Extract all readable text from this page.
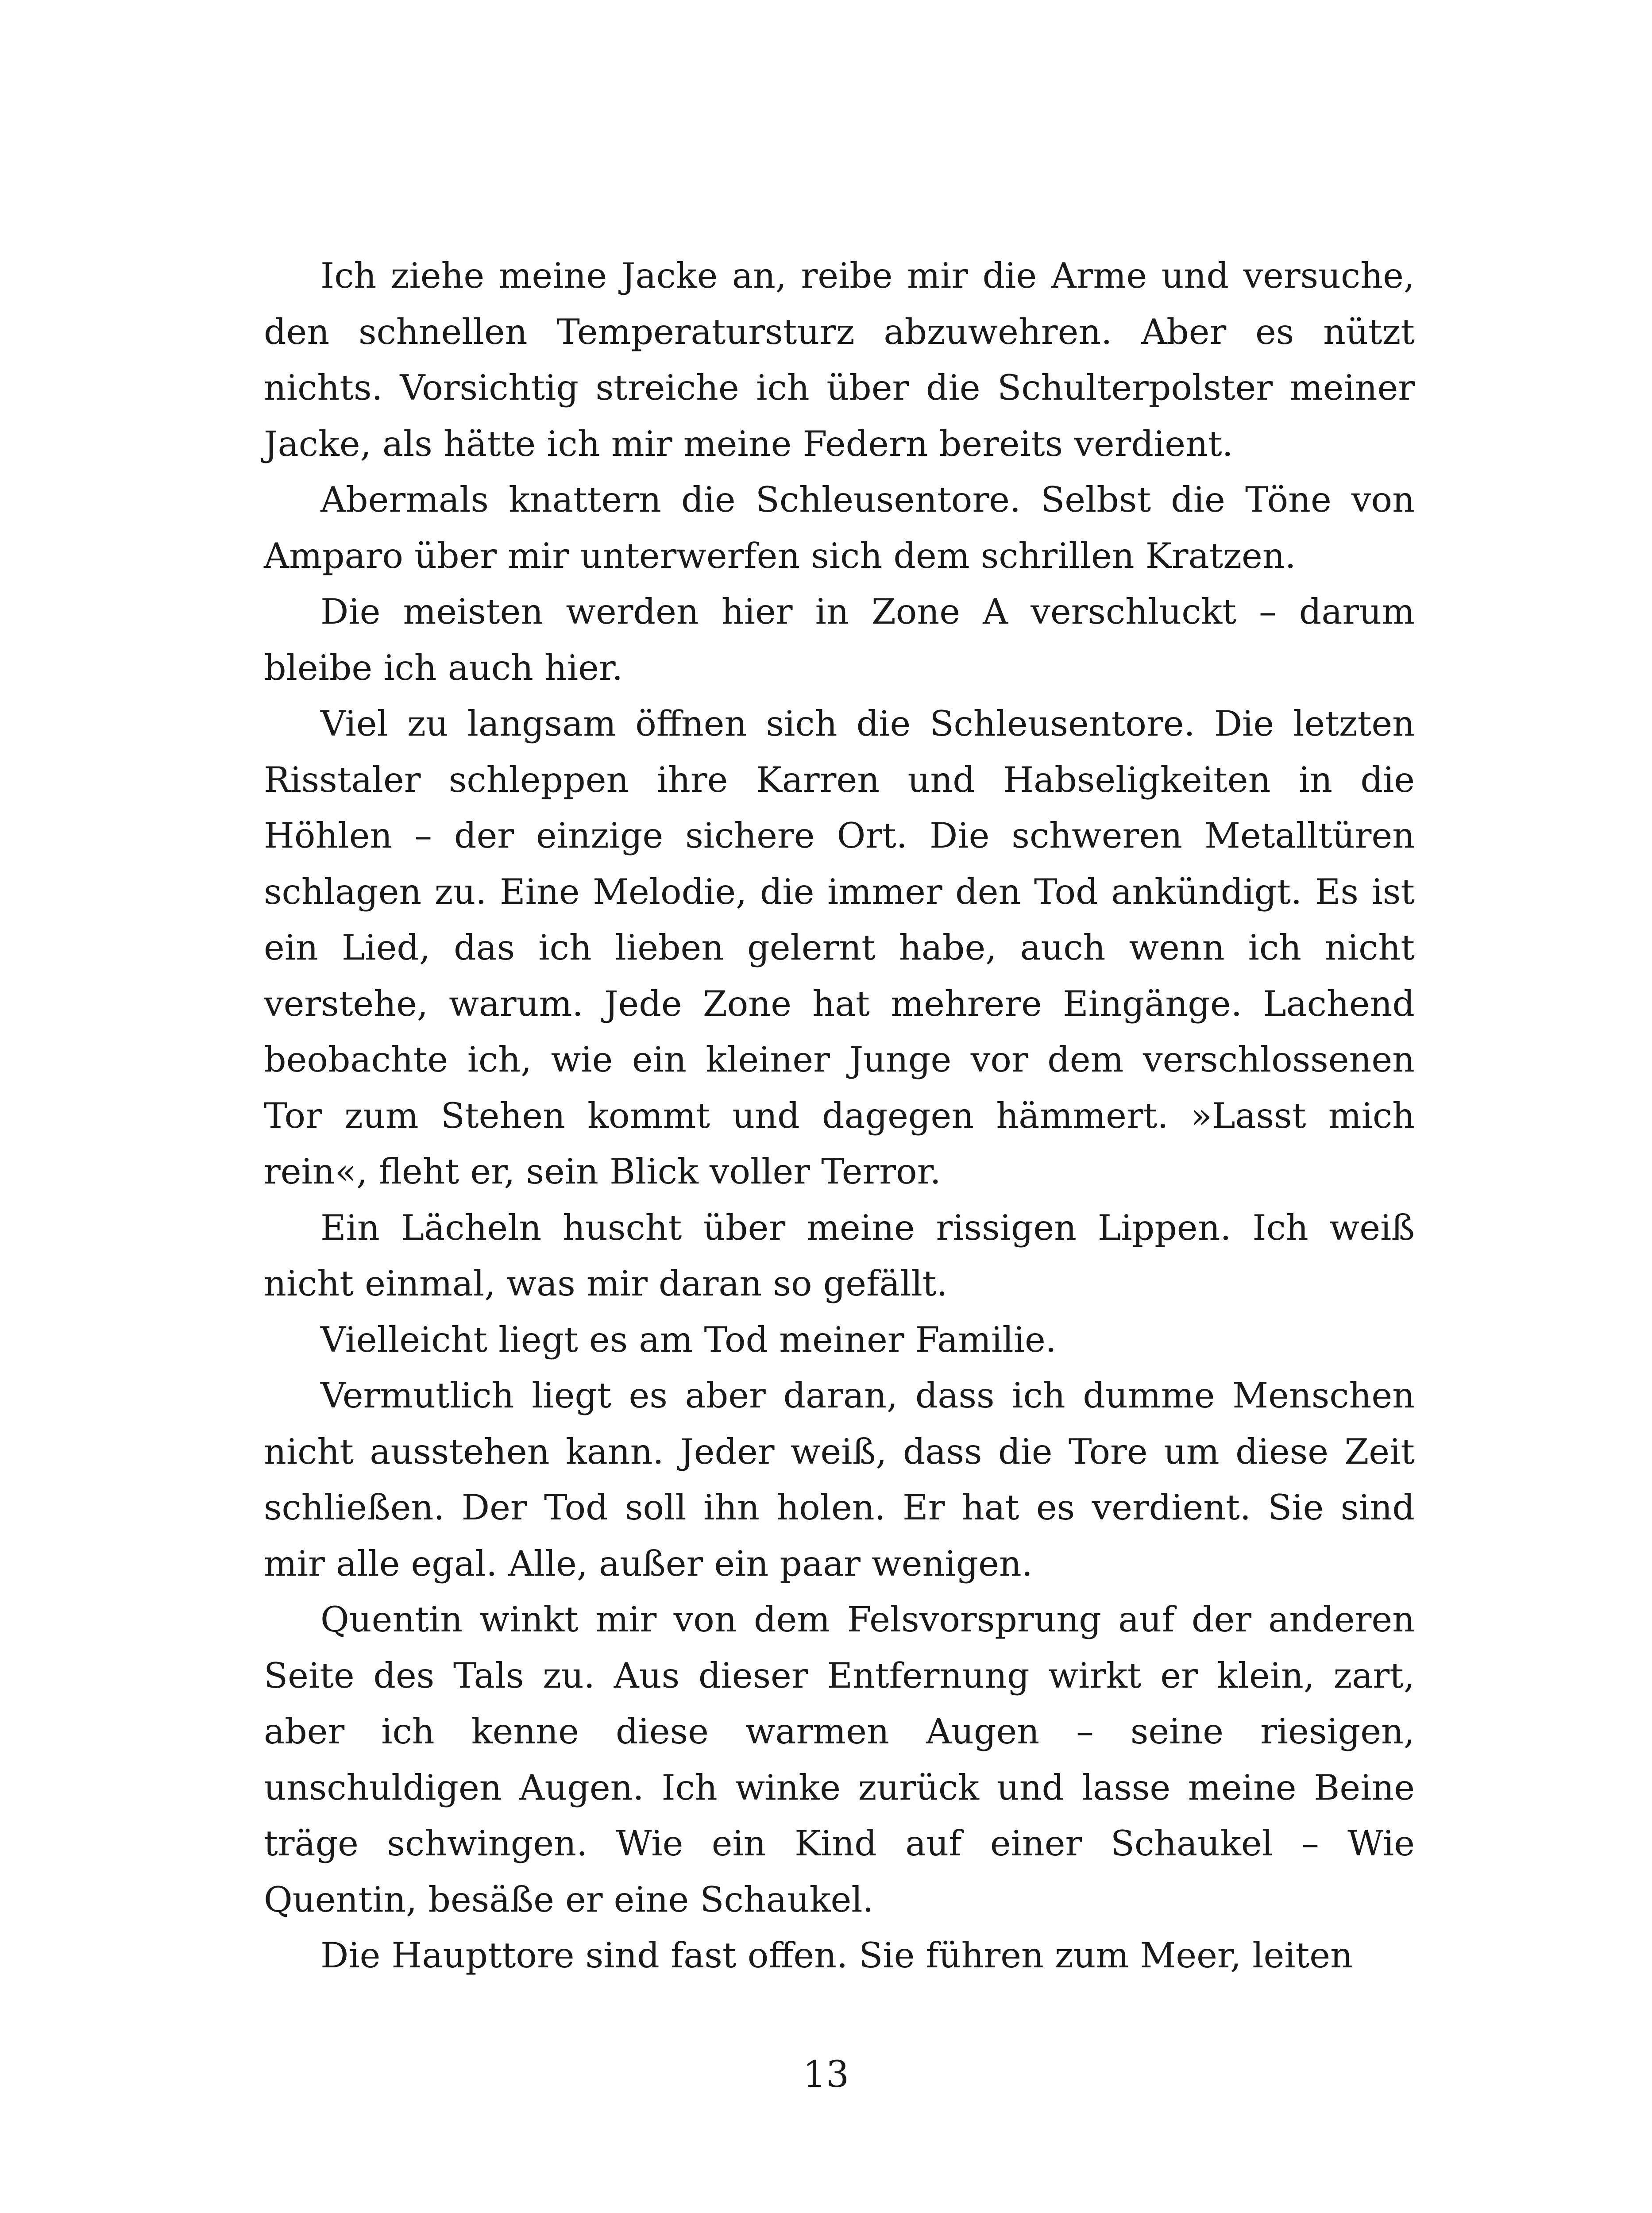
Ich ziehe meine Jacke an, reibe mir die Arme und versuche, den schnellen Temperatursturz abzuwehren. Aber es nützt nichts. Vorsichtig streiche ich über die Schulterpolster meiner Jacke, als hätte ich mir meine Federn bereits verdient.

Abermals knattern die Schleusentore. Selbst die Töne von Amparo über mir unterwerfen sich dem schrillen Kratzen.

Die meisten werden hier in Zone A verschluckt – darum bleibe ich auch hier.

Viel zu langsam öffnen sich die Schleusentore. Die letzten Risstaler schleppen ihre Karren und Habseligkeiten in die Höhlen – der einzige sichere Ort. Die schweren Metalltüren schlagen zu. Eine Melodie, die immer den Tod ankündigt. Es ist ein Lied, das ich lieben gelernt habe, auch wenn ich nicht verstehe, warum. Jede Zone hat mehrere Eingänge. Lachend beobachte ich, wie ein kleiner Junge vor dem verschlossenen Tor zum Stehen kommt und dagegen hämmert. »Lasst mich rein«, fleht er, sein Blick voller Terror.

Ein Lächeln huscht über meine rissigen Lippen. Ich weiß nicht einmal, was mir daran so gefällt.

Vielleicht liegt es am Tod meiner Familie.

Vermutlich liegt es aber daran, dass ich dumme Menschen nicht ausstehen kann. Jeder weiß, dass die Tore um diese Zeit schließen. Der Tod soll ihn holen. Er hat es verdient. Sie sind mir alle egal. Alle, außer ein paar wenigen.

Quentin winkt mir von dem Felsvorsprung auf der anderen Seite des Tals zu. Aus dieser Entfernung wirkt er klein, zart, aber ich kenne diese warmen Augen – seine riesigen, unschuldigen Augen. Ich winke zurück und lasse meine Beine träge schwingen. Wie ein Kind auf einer Schaukel – Wie Quentin, besäße er eine Schaukel.

Die Haupttore sind fast offen. Sie führen zum Meer, leiten

13
